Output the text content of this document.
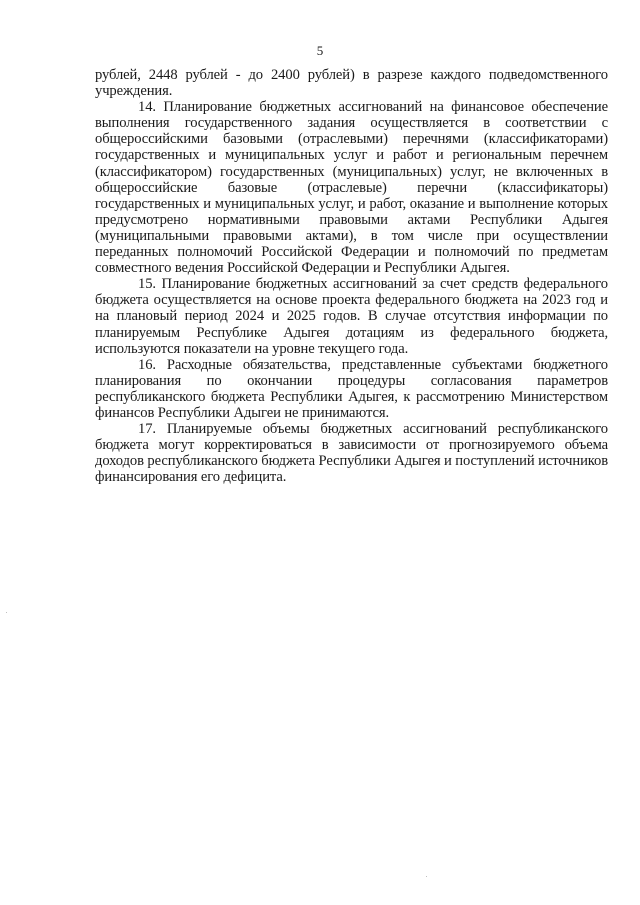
5

рублей, 2448 рублей - до 2400 рублей) в разрезе каждого подведомственного учреждения.

14. Планирование бюджетных ассигнований на финансовое обеспечение выполнения государственного задания осуществляется в соответствии с общероссийскими базовыми (отраслевыми) перечнями (классификаторами) государственных и муниципальных услуг и работ и региональным перечнем (классификатором) государственных (муниципальных) услуг, не включенных в общероссийские базовые (отраслевые) перечни (классификаторы) государственных и муниципальных услуг, и работ, оказание и выполнение которых предусмотрено нормативными правовыми актами Республики Адыгея (муниципальными правовыми актами), в том числе при осуществлении переданных полномочий Российской Федерации и полномочий по предметам совместного ведения Российской Федерации и Республики Адыгея.

15. Планирование бюджетных ассигнований за счет средств федерального бюджета осуществляется на основе проекта федерального бюджета на 2023 год и на плановый период 2024 и 2025 годов. В случае отсутствия информации по планируемым Республике Адыгея дотациям из федерального бюджета, используются показатели на уровне текущего года.

16. Расходные обязательства, представленные субъектами бюджетного планирования по окончании процедуры согласования параметров республиканского бюджета Республики Адыгея, к рассмотрению Министерством финансов Республики Адыгеи не принимаются.

17. Планируемые объемы бюджетных ассигнований республиканского бюджета могут корректироваться в зависимости от прогнозируемого объема доходов республиканского бюджета Республики Адыгея и поступлений источников финансирования его дефицита.
